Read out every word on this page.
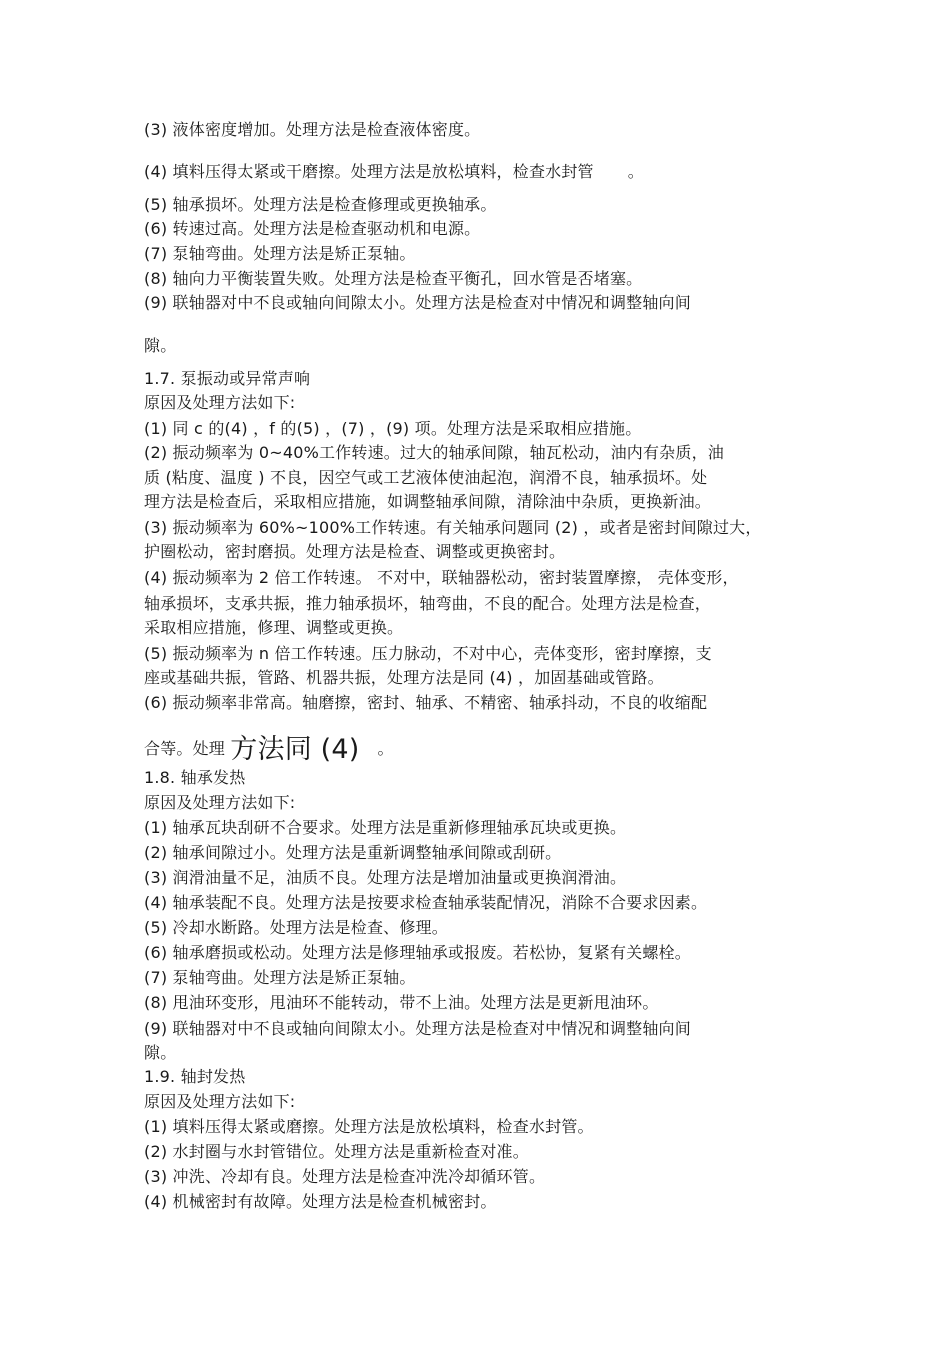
(3) 液体密度增加。处理方法是检查液体密度。
(4) 填料压得太紧或干磨擦。处理方法是放松填料，检查水封管 。
(5) 轴承损坏。处理方法是检查修理或更换轴承。
(6) 转速过高。处理方法是检查驱动机和电源。
(7) 泵轴弯曲。处理方法是矫正泵轴。
(8) 轴向力平衡装置失败。处理方法是检查平衡孔，回水管是否堵塞。
(9) 联轴器对中不良或轴向间隙太小。处理方法是检查对中情况和调整轴向间
隙。
1.7. 泵振动或异常声响
原因及处理方法如下:
(1) 同 c 的(4) ，f 的(5) ，(7) ，(9) 项。处理方法是采取相应措施。
(2) 振动频率为 0~40%工作转速。过大的轴承间隙，轴瓦松动，油内有杂质，油
质 (粘度、温度 ) 不良，因空气或工艺液体使油起泡，润滑不良，轴承损坏。处
理方法是检查后，采取相应措施，如调整轴承间隙，清除油中杂质，更换新油。
(3) 振动频率为 60%~100%工作转速。有关轴承问题同 (2) ，或者是密封间隙过大，
护圈松动，密封磨损。处理方法是检查、调整或更换密封。
(4) 振动频率为 2 倍工作转速。 不对中，联轴器松动，密封装置摩擦， 壳体变形，
轴承损坏，支承共振，推力轴承损坏，轴弯曲，不良的配合。处理方法是检查，
采取相应措施，修理、调整或更换。
(5) 振动频率为 n 倍工作转速。压力脉动，不对中心，壳体变形，密封摩擦，支
座或基础共振，管路、机器共振，处理方法是同 (4) ，加固基础或管路。
(6) 振动频率非常高。轴磨擦，密封、轴承、不精密、轴承抖动，不良的收缩配
合等。处理 方法同 (4) 。
1.8. 轴承发热
原因及处理方法如下:
(1) 轴承瓦块刮研不合要求。处理方法是重新修理轴承瓦块或更换。
(2) 轴承间隙过小。处理方法是重新调整轴承间隙或刮研。
(3) 润滑油量不足，油质不良。处理方法是增加油量或更换润滑油。
(4) 轴承装配不良。处理方法是按要求检查轴承装配情况，消除不合要求因素。
(5) 冷却水断路。处理方法是检查、修理。
(6) 轴承磨损或松动。处理方法是修理轴承或报废。若松协，复紧有关螺栓。
(7) 泵轴弯曲。处理方法是矫正泵轴。
(8) 甩油环变形，甩油环不能转动，带不上油。处理方法是更新甩油环。
(9) 联轴器对中不良或轴向间隙太小。处理方法是检查对中情况和调整轴向间
隙。
1.9. 轴封发热
原因及处理方法如下:
(1) 填料压得太紧或磨擦。处理方法是放松填料，检查水封管。
(2) 水封圈与水封管错位。处理方法是重新检查对准。
(3) 冲洗、冷却有良。处理方法是检查冲洗冷却循环管。
(4) 机械密封有故障。处理方法是检查机械密封。
